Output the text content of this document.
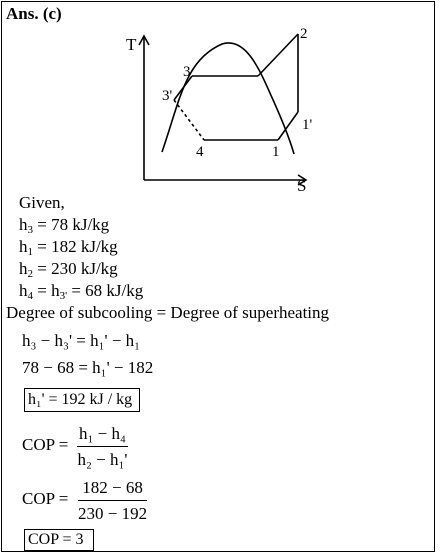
Ans. (c)
T
S
2
3
3'
1'
4	1
Given,
$h_3 = 78$ kJ/kg
$h_1 = 182$ kJ/kg
$h_2 = 230$ kJ/kg
$h_4 = h_{3'} = 68$ kJ/kg
Degree of subcooling = Degree of superheating
h₃ − h₃' = h₁' − h₁
78 − 68 = h₁' − 182
h₁' = 192 kJ / kg
COP = $\frac{\text{h₁ − h₄}}{\text{h₂ − h₁'}}$
COP = $\frac{182 - 68}{230 - 192}$
COP = 3
